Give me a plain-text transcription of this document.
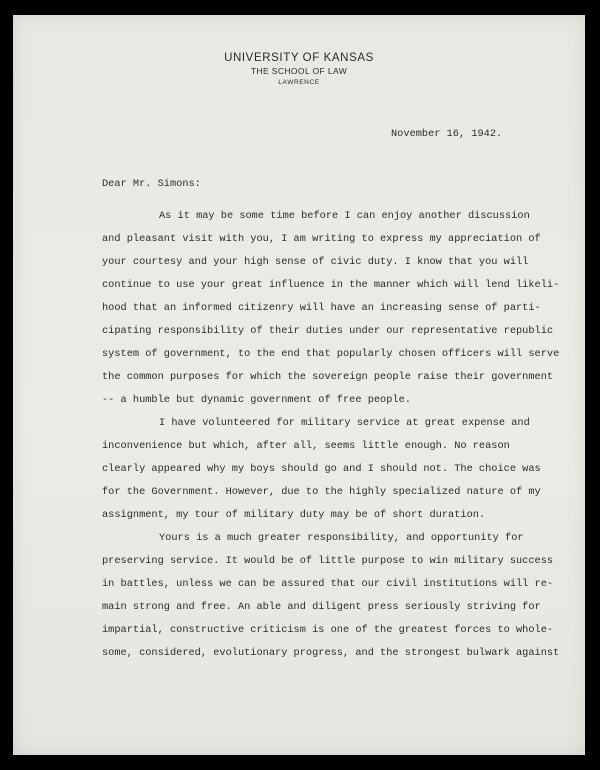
UNIVERSITY OF KANSAS
THE SCHOOL OF LAW
LAWRENCE
November 16, 1942.
Dear Mr. Simons:
As it may be some time before I can enjoy another discussion
and pleasant visit with you, I am writing to express my appreciation of
your courtesy and your high sense of civic duty. I know that you will
continue to use your great influence in the manner which will lend likeli-
hood that an informed citizenry will have an increasing sense of parti-
cipating responsibility of their duties under our representative republic
system of government, to the end that popularly chosen officers will serve
the common purposes for which the sovereign people raise their government
-- a humble but dynamic government of free people.
I have volunteered for military service at great expense and
inconvenience but which, after all, seems little enough. No reason
clearly appeared why my boys should go and I should not. The choice was
for the Government. However, due to the highly specialized nature of my
assignment, my tour of military duty may be of short duration.
Yours is a much greater responsibility, and opportunity for
preserving service. It would be of little purpose to win military success
in battles, unless we can be assured that our civil institutions will re-
main strong and free. An able and diligent press seriously striving for
impartial, constructive criticism is one of the greatest forces to whole-
some, considered, evolutionary progress, and the strongest bulwark against
